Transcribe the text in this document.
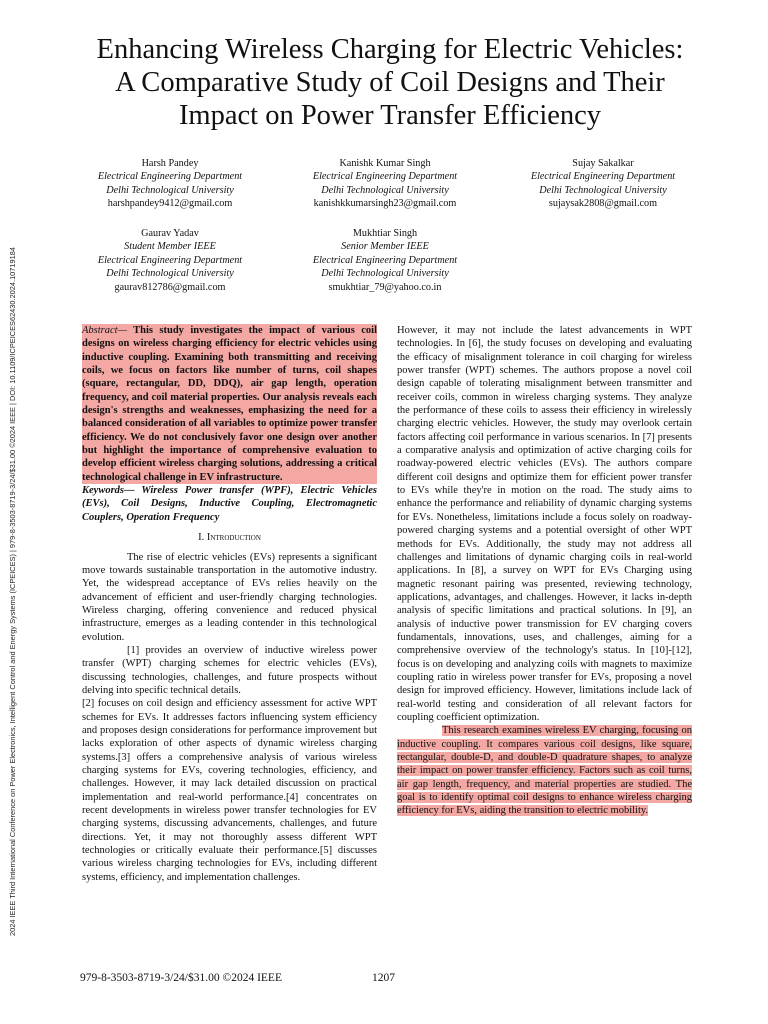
2024 IEEE Third International Conference on Power Electronics, Intelligent Control and Energy Systems (ICPEICES) | 979-8-3503-8719-3/24/$31.00 ©2024 IEEE | DOI: 10.1109/ICPEICES62430.2024.10719184
Enhancing Wireless Charging for Electric Vehicles:
A Comparative Study of Coil Designs and Their
Impact on Power Transfer Efficiency
Harsh Pandey
Electrical Engineering Department
Delhi Technological University
harshpandey9412@gmail.com
Kanishk Kumar Singh
Electrical Engineering Department
Delhi Technological University
kanishkkumarsingh23@gmail.com
Sujay Sakalkar
Electrical Engineering Department
Delhi Technological University
sujaysak2808@gmail.com
Gaurav Yadav
Student Member IEEE
Electrical Engineering Department
Delhi Technological University
gaurav812786@gmail.com
Mukhtiar Singh
Senior Member IEEE
Electrical Engineering Department
Delhi Technological University
smukhtiar_79@yahoo.co.in

Abstract— This study investigates the impact of various coil designs on wireless charging efficiency for electric vehicles using inductive coupling. Examining both transmitting and receiving coils, we focus on factors like number of turns, coil shapes (square, rectangular, DD, DDQ), air gap length, operation frequency, and coil material properties. Our analysis reveals each design's strengths and weaknesses, emphasizing the need for a balanced consideration of all variables to optimize power transfer efficiency. We do not conclusively favor one design over another but highlight the importance of comprehensive evaluation to develop efficient wireless charging solutions, addressing a critical technological challenge in EV infrastructure.

Keywords— Wireless Power transfer (WPF), Electric Vehicles (EVs), Coil Designs, Inductive Coupling, Electromagnetic Couplers, Operation Frequency

I. Introduction

The rise of electric vehicles (EVs) represents a significant move towards sustainable transportation in the automotive industry. Yet, the widespread acceptance of EVs relies heavily on the advancement of efficient and user-friendly charging technologies. Wireless charging, offering convenience and reduced physical infrastructure, emerges as a leading contender in this technological evolution.

[1] provides an overview of inductive wireless power transfer (WPT) charging schemes for electric vehicles (EVs), discussing technologies, challenges, and future prospects without delving into specific technical details.

[2] focuses on coil design and efficiency assessment for active WPT schemes for EVs. It addresses factors influencing system efficiency and proposes design considerations for performance improvement but lacks exploration of other aspects of dynamic wireless charging systems.[3] offers a comprehensive analysis of various wireless charging systems for EVs, covering technologies, efficiency, and challenges. However, it may lack detailed discussion on practical implementation and real-world performance.[4] concentrates on recent developments in wireless power transfer technologies for EV charging systems, discussing advancements, challenges, and future directions. Yet, it may not thoroughly assess different WPT technologies or critically evaluate their performance.[5] discusses various wireless charging technologies for EVs, including different systems, efficiency, and implementation challenges.

However, it may not include the latest advancements in WPT technologies. In [6], the study focuses on developing and evaluating the efficacy of misalignment tolerance in coil charging for wireless power transfer (WPT) schemes. The authors propose a novel coil design capable of tolerating misalignment between transmitter and receiver coils, common in wireless charging systems. They analyze the performance of these coils to assess their efficiency in wirelessly charging electric vehicles. However, the study may overlook certain factors affecting coil performance in various scenarios. In [7] presents a comparative analysis and optimization of active charging coils for roadway-powered electric vehicles (EVs). The authors compare different coil designs and optimize them for efficient power transfer to EVs while they're in motion on the road. The study aims to enhance the performance and reliability of dynamic charging systems for EVs. Nonetheless, limitations include a focus solely on roadway-powered charging systems and a potential oversight of other WPT methods for EVs. Additionally, the study may not address all challenges and limitations of dynamic charging coils in real-world applications. In [8], a survey on WPT for EVs Charging using magnetic resonant pairing was presented, reviewing technology, applications, advantages, and challenges. However, it lacks in-depth analysis of specific limitations and practical solutions. In [9], an analysis of inductive power transmission for EV charging covers fundamentals, innovations, uses, and challenges, aiming for a comprehensive overview of the technology's status. In [10]-[12], focus is on developing and analyzing coils with magnets to maximize coupling ratio in wireless power transfer for EVs, proposing a novel design for improved efficiency. However, limitations include lack of real-world testing and consideration of all relevant factors for coupling coefficient optimization.

This research examines wireless EV charging, focusing on inductive coupling. It compares various coil designs, like square, rectangular, double-D, and double-D quadrature shapes, to analyze their impact on power transfer efficiency. Factors such as coil turns, air gap length, frequency, and material properties are studied. The goal is to identify optimal coil designs to enhance wireless charging efficiency for EVs, aiding the transition to electric mobility.

979-8-3503-8719-3/24/$31.00 ©2024 IEEE	1207
